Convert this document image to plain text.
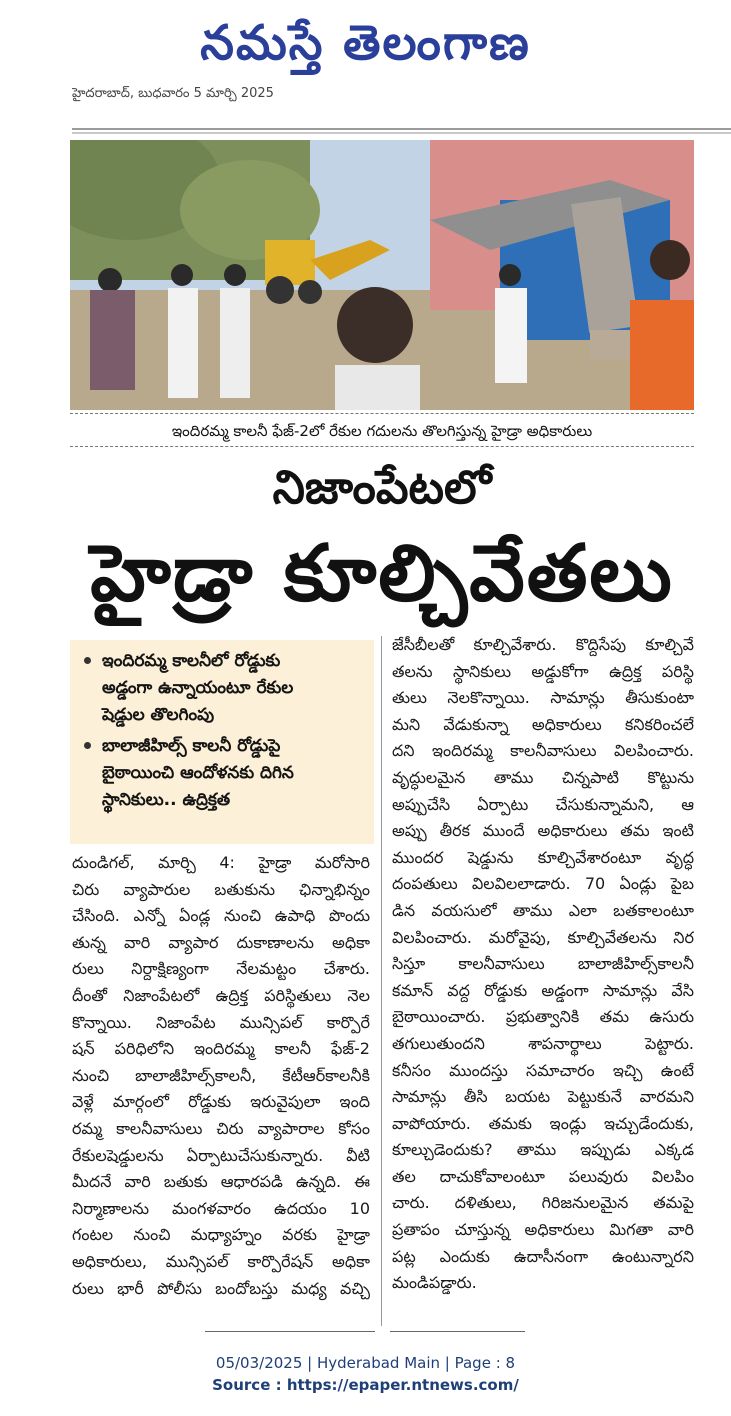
నమస్తే తెలంగాణ
హైదరాబాద్, బుధవారం 5 మార్చి 2025
ఇందిరమ్మ కాలనీ ఫేజ్-2లో రేకుల గదులను తొలగిస్తున్న హైడ్రా అధికారులు
నిజాంపేటలో
హైడ్రా కూల్చివేతలు
ఇందిరమ్మ కాలనీలో రోడ్డుకు
అడ్డంగా ఉన్నాయంటూ రేకుల
షెడ్డుల తొలగింపు
బాలాజీహిల్స్ కాలనీ రోడ్డుపై
బైఠాయించి ఆందోళనకు దిగిన
స్థానికులు.. ఉద్రిక్తత
దుండిగల్, మార్చి 4: హైడ్రా మరోసారి
చిరు వ్యాపారుల బతుకును ఛిన్నాభిన్నం
చేసింది. ఎన్నో ఏండ్ల నుంచి ఉపాధి పొందు
తున్న వారి వ్యాపార దుకాణాలను అధికా
రులు నిర్దాక్షిణ్యంగా నేలమట్టం చేశారు.
దీంతో నిజాంపేటలో ఉద్రిక్త పరిస్థితులు నెల
కొన్నాయి. నిజాంపేట మున్సిపల్ కార్పొరే
షన్ పరిధిలోని ఇందిరమ్మ కాలనీ ఫేజ్-2
నుంచి బాలాజీహిల్స్‌కాలనీ, కేటీఆర్‌కాలనీకి
వెళ్లే మార్గంలో రోడ్డుకు ఇరువైపులా ఇంది
రమ్మ కాలనీవాసులు చిరు వ్యాపారాల కోసం
రేకులషెడ్డులను ఏర్పాటుచేసుకున్నారు. వీటి
మీదనే వారి బతుకు ఆధారపడి ఉన్నది. ఈ
నిర్మాణాలను మంగళవారం ఉదయం 10
గంటల నుంచి మధ్యాహ్నం వరకు హైడ్రా
అధికారులు, మున్సిపల్ కార్పొరేషన్ అధికా
రులు భారీ పోలీసు బందోబస్తు మధ్య వచ్చి
జేసీబీలతో కూల్చివేశారు. కొద్దిసేపు కూల్చివే
తలను స్థానికులు అడ్డుకోగా ఉద్రిక్త పరిస్థి
తులు నెలకొన్నాయి. సామాన్లు తీసుకుంటా
మని వేడుకున్నా అధికారులు కనికరించలే
దని ఇందిరమ్మ కాలనీవాసులు విలపించారు.
వృద్ధులమైన తాము చిన్నపాటి కొట్టును
అప్పుచేసి ఏర్పాటు చేసుకున్నామని, ఆ
అప్పు తీరక ముందే అధికారులు తమ ఇంటి
ముందర షెడ్డును కూల్చివేశారంటూ వృద్ధ
దంపతులు విలవిలలాడారు. 70 ఏండ్లు పైబ
డిన వయసులో తాము ఎలా బతకాలంటూ
విలపించారు. మరోవైపు, కూల్చివేతలను నిర
సిస్తూ కాలనీవాసులు బాలాజీహిల్స్‌కాలనీ
కమాన్ వద్ద రోడ్డుకు అడ్డంగా సామాన్లు వేసి
బైఠాయించారు. ప్రభుత్వానికి తమ ఉసురు
తగులుతుందని శాపనార్థాలు పెట్టారు.
కనీసం ముందస్తు సమాచారం ఇచ్చి ఉంటే
సామాన్లు తీసి బయట పెట్టుకునే వారమని
వాపోయారు. తమకు ఇండ్లు ఇచ్చుడేందుకు,
కూల్చుడెందుకు? తాము ఇప్పుడు ఎక్కడ
తల దాచుకోవాలంటూ పలువురు విలపిం
చారు. దళితులు, గిరిజనులమైన తమపై
ప్రతాపం చూస్తున్న అధికారులు మిగతా వారి
పట్ల ఎందుకు ఉదాసీనంగా ఉంటున్నారని
మండిపడ్డారు.
05/03/2025 | Hyderabad Main | Page : 8
Source : https://epaper.ntnews.com/
